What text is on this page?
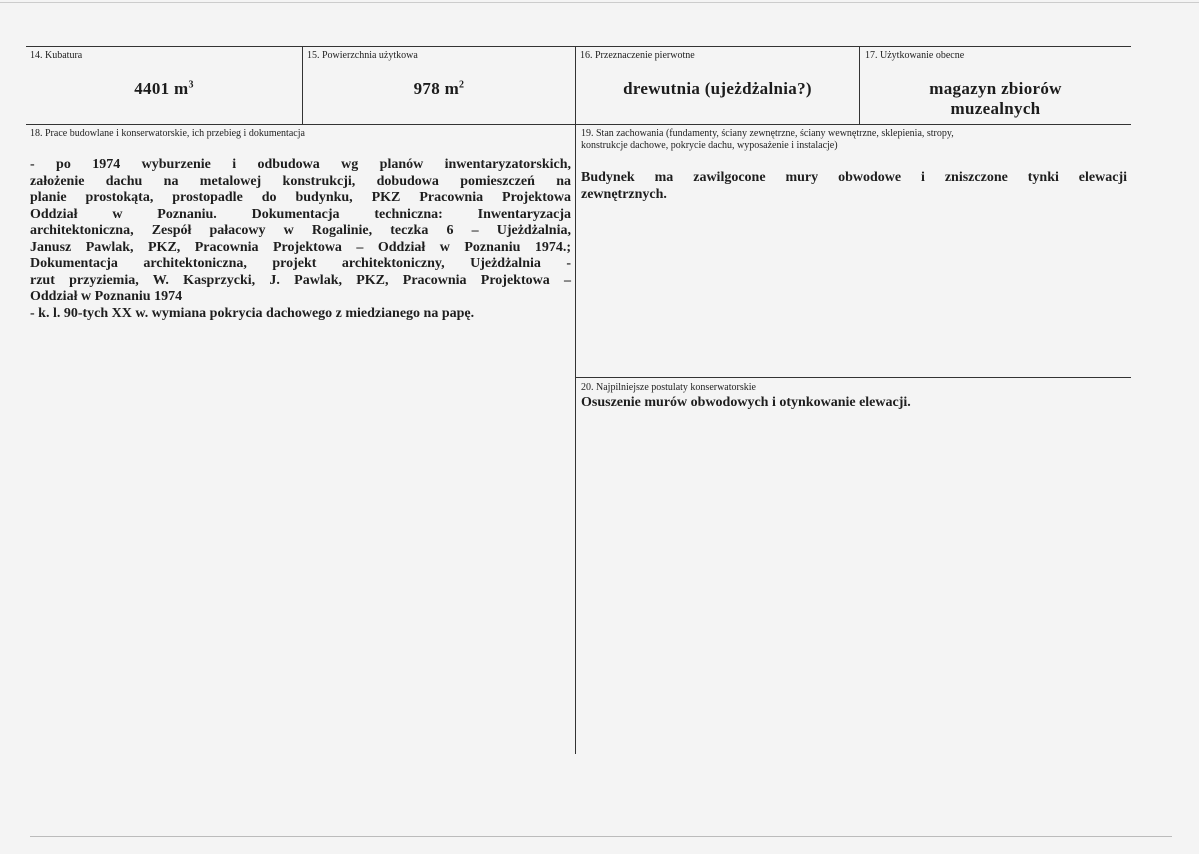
14. Kubatura
4401 $m^3$
15. Powierzchnia użytkowa
978 $m^2$
16. Przeznaczenie pierwotne
drewutnia (ujeżdżalnia?)
17. Użytkowanie obecne
magazyn zbiorów
muzealnych
18. Prace budowlane i konserwatorskie, ich przebieg i dokumentacja
- po 1974 wyburzenie i odbudowa wg planów inwentaryzatorskich,
założenie dachu na metalowej konstrukcji, dobudowa pomieszczeń na
planie prostokąta, prostopadle do budynku, PKZ Pracownia Projektowa
Oddział w Poznaniu. Dokumentacja techniczna: Inwentaryzacja
architektoniczna, Zespół pałacowy w Rogalinie, teczka 6 – Ujeżdżalnia,
Janusz Pawlak, PKZ, Pracownia Projektowa – Oddział w Poznaniu 1974.;
Dokumentacja architektoniczna, projekt architektoniczny, Ujeżdżalnia -
rzut przyziemia, W. Kasprzycki, J. Pawlak, PKZ, Pracownia Projektowa –
Oddział w Poznaniu 1974
- k. l. 90-tych XX w. wymiana pokrycia dachowego z miedzianego na papę.
19. Stan zachowania (fundamenty, ściany zewnętrzne, ściany wewnętrzne, sklepienia, stropy,
konstrukcje dachowe, pokrycie dachu, wyposażenie i instalacje)
Budynek ma zawilgocone mury obwodowe i zniszczone tynki elewacji
zewnętrznych.
20. Najpilniejsze postulaty konserwatorskie
Osuszenie murów obwodowych i otynkowanie elewacji.
